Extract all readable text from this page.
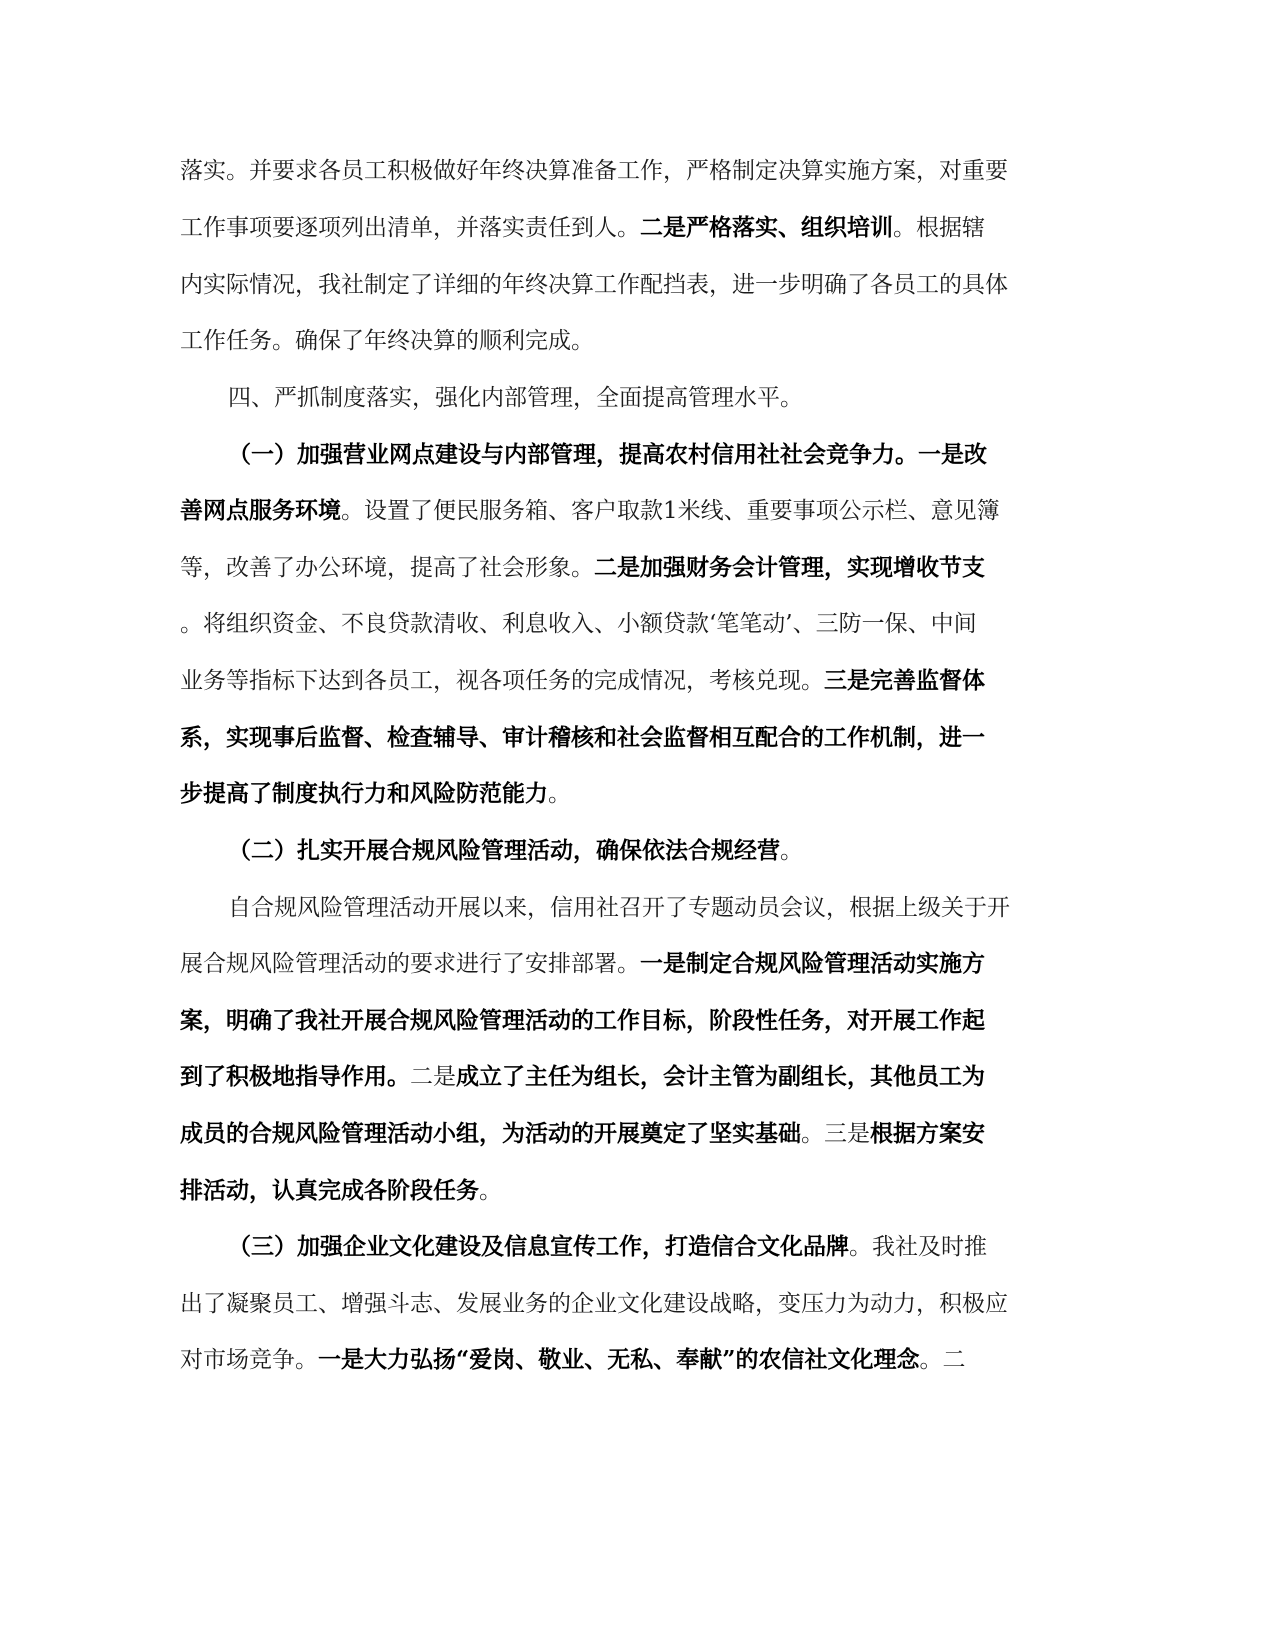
落实。并要求各员工积极做好年终决算准备工作，严格制定决算实施方案，对重要
工作事项要逐项列出清单，并落实责任到人。二是严格落实、组织培训。根据辖
内实际情况，我社制定了详细的年终决算工作配挡表，进一步明确了各员工的具体
工作任务。确保了年终决算的顺利完成。
四、严抓制度落实，强化内部管理，全面提高管理水平。
（一）加强营业网点建设与内部管理，提高农村信用社社会竞争力。一是改
善网点服务环境。设置了便民服务箱、客户取款1米线、重要事项公示栏、意见簿
等，改善了办公环境，提高了社会形象。二是加强财务会计管理，实现增收节支
。将组织资金、不良贷款清收、利息收入、小额贷款‘笔笔动’、三防一保、中间
业务等指标下达到各员工，视各项任务的完成情况，考核兑现。三是完善监督体
系，实现事后监督、检查辅导、审计稽核和社会监督相互配合的工作机制，进一
步提高了制度执行力和风险防范能力。
（二）扎实开展合规风险管理活动，确保依法合规经营。
自合规风险管理活动开展以来，信用社召开了专题动员会议，根据上级关于开
展合规风险管理活动的要求进行了安排部署。一是制定合规风险管理活动实施方
案，明确了我社开展合规风险管理活动的工作目标，阶段性任务，对开展工作起
到了积极地指导作用。二是成立了主任为组长，会计主管为副组长，其他员工为
成员的合规风险管理活动小组，为活动的开展奠定了坚实基础。三是根据方案安
排活动，认真完成各阶段任务。
（三）加强企业文化建设及信息宣传工作，打造信合文化品牌。我社及时推
出了凝聚员工、增强斗志、发展业务的企业文化建设战略，变压力为动力，积极应
对市场竞争。一是大力弘扬“爱岗、敬业、无私、奉献”的农信社文化理念。二
